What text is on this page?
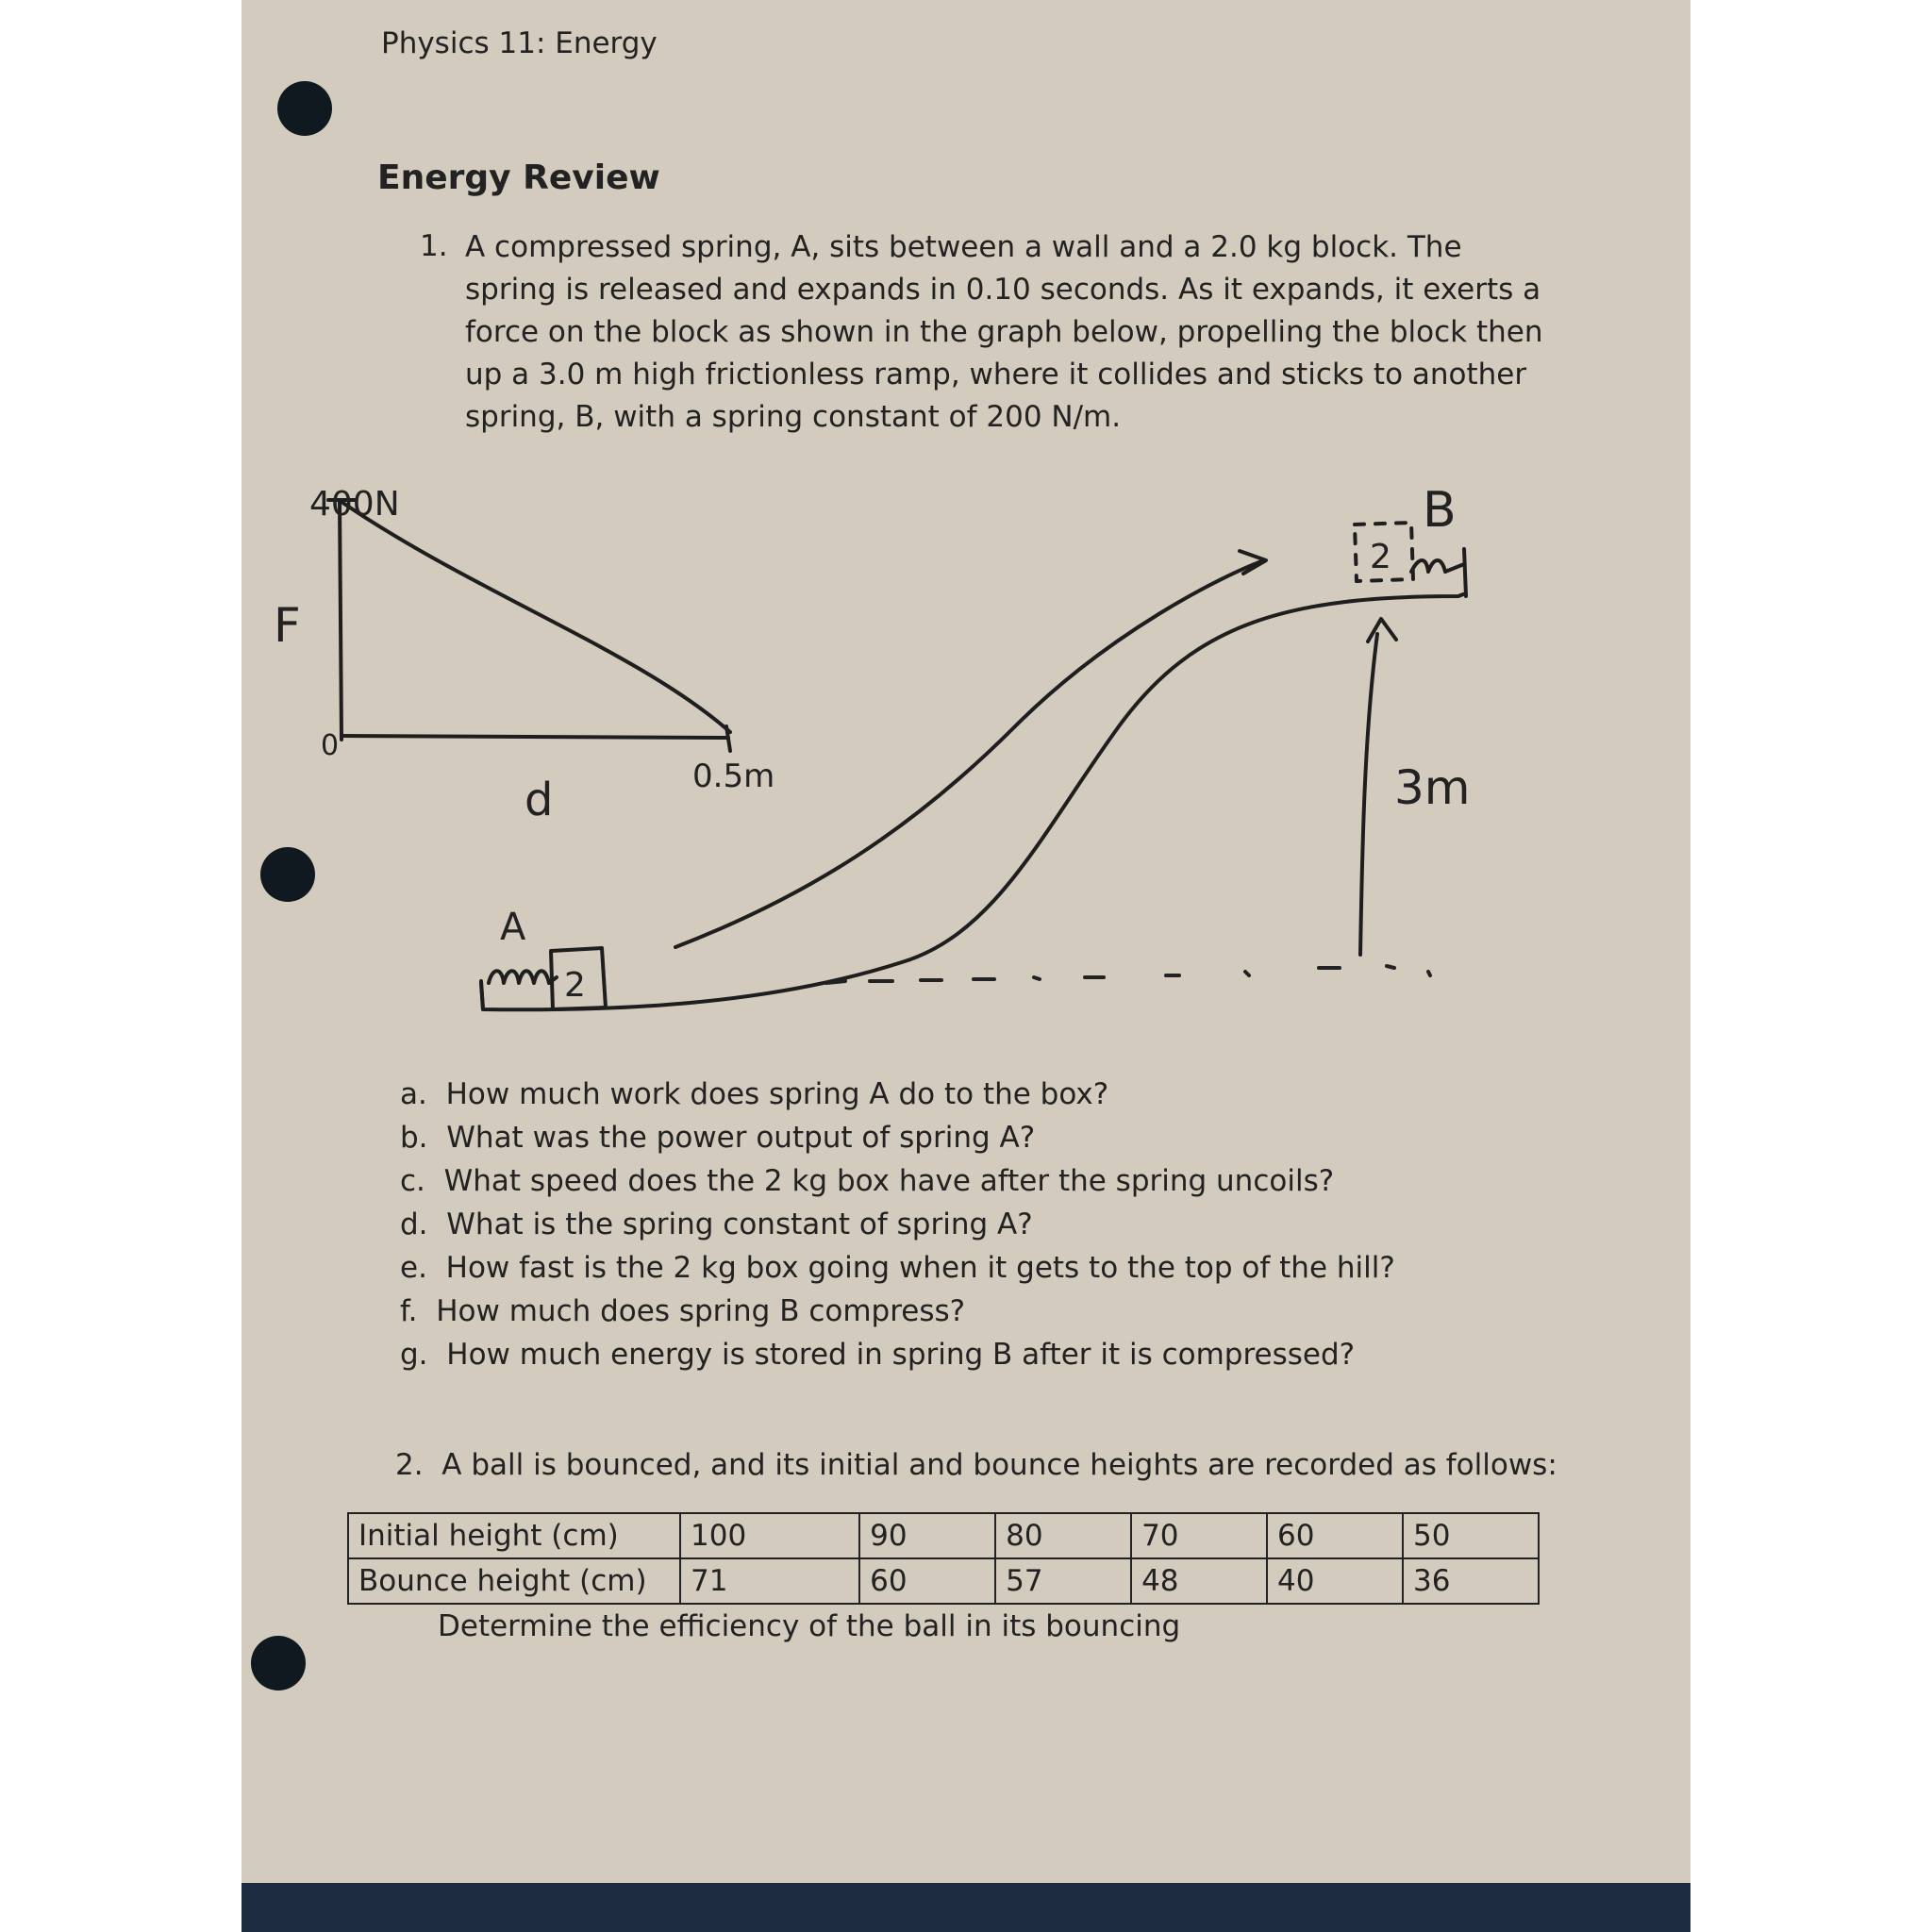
Physics 11: Energy
Energy Review
1. A compressed spring, A, sits between a wall and a 2.0 kg block. The spring is released and expands in 0.10 seconds. As it expands, it exerts a force on the block as shown in the graph below, propelling the block then up a 3.0 m high frictionless ramp, where it collides and sticks to another spring, B, with a spring constant of 200 N/m.
400N
F
0
d	0.5m
A
2
B
2
3m
a. How much work does spring A do to the box?
b. What was the power output of spring A?
c. What speed does the 2 kg box have after the spring uncoils?
d. What is the spring constant of spring A?
e. How fast is the 2 kg box going when it gets to the top of the hill?
f. How much does spring B compress?
g. How much energy is stored in spring B after it is compressed?
2. A ball is bounced, and its initial and bounce heights are recorded as follows:
Initial height (cm)	100	90	80	70	60	50
Bounce height (cm)	71	60	57	48	40	36
Determine the efficiency of the ball in its bouncing
